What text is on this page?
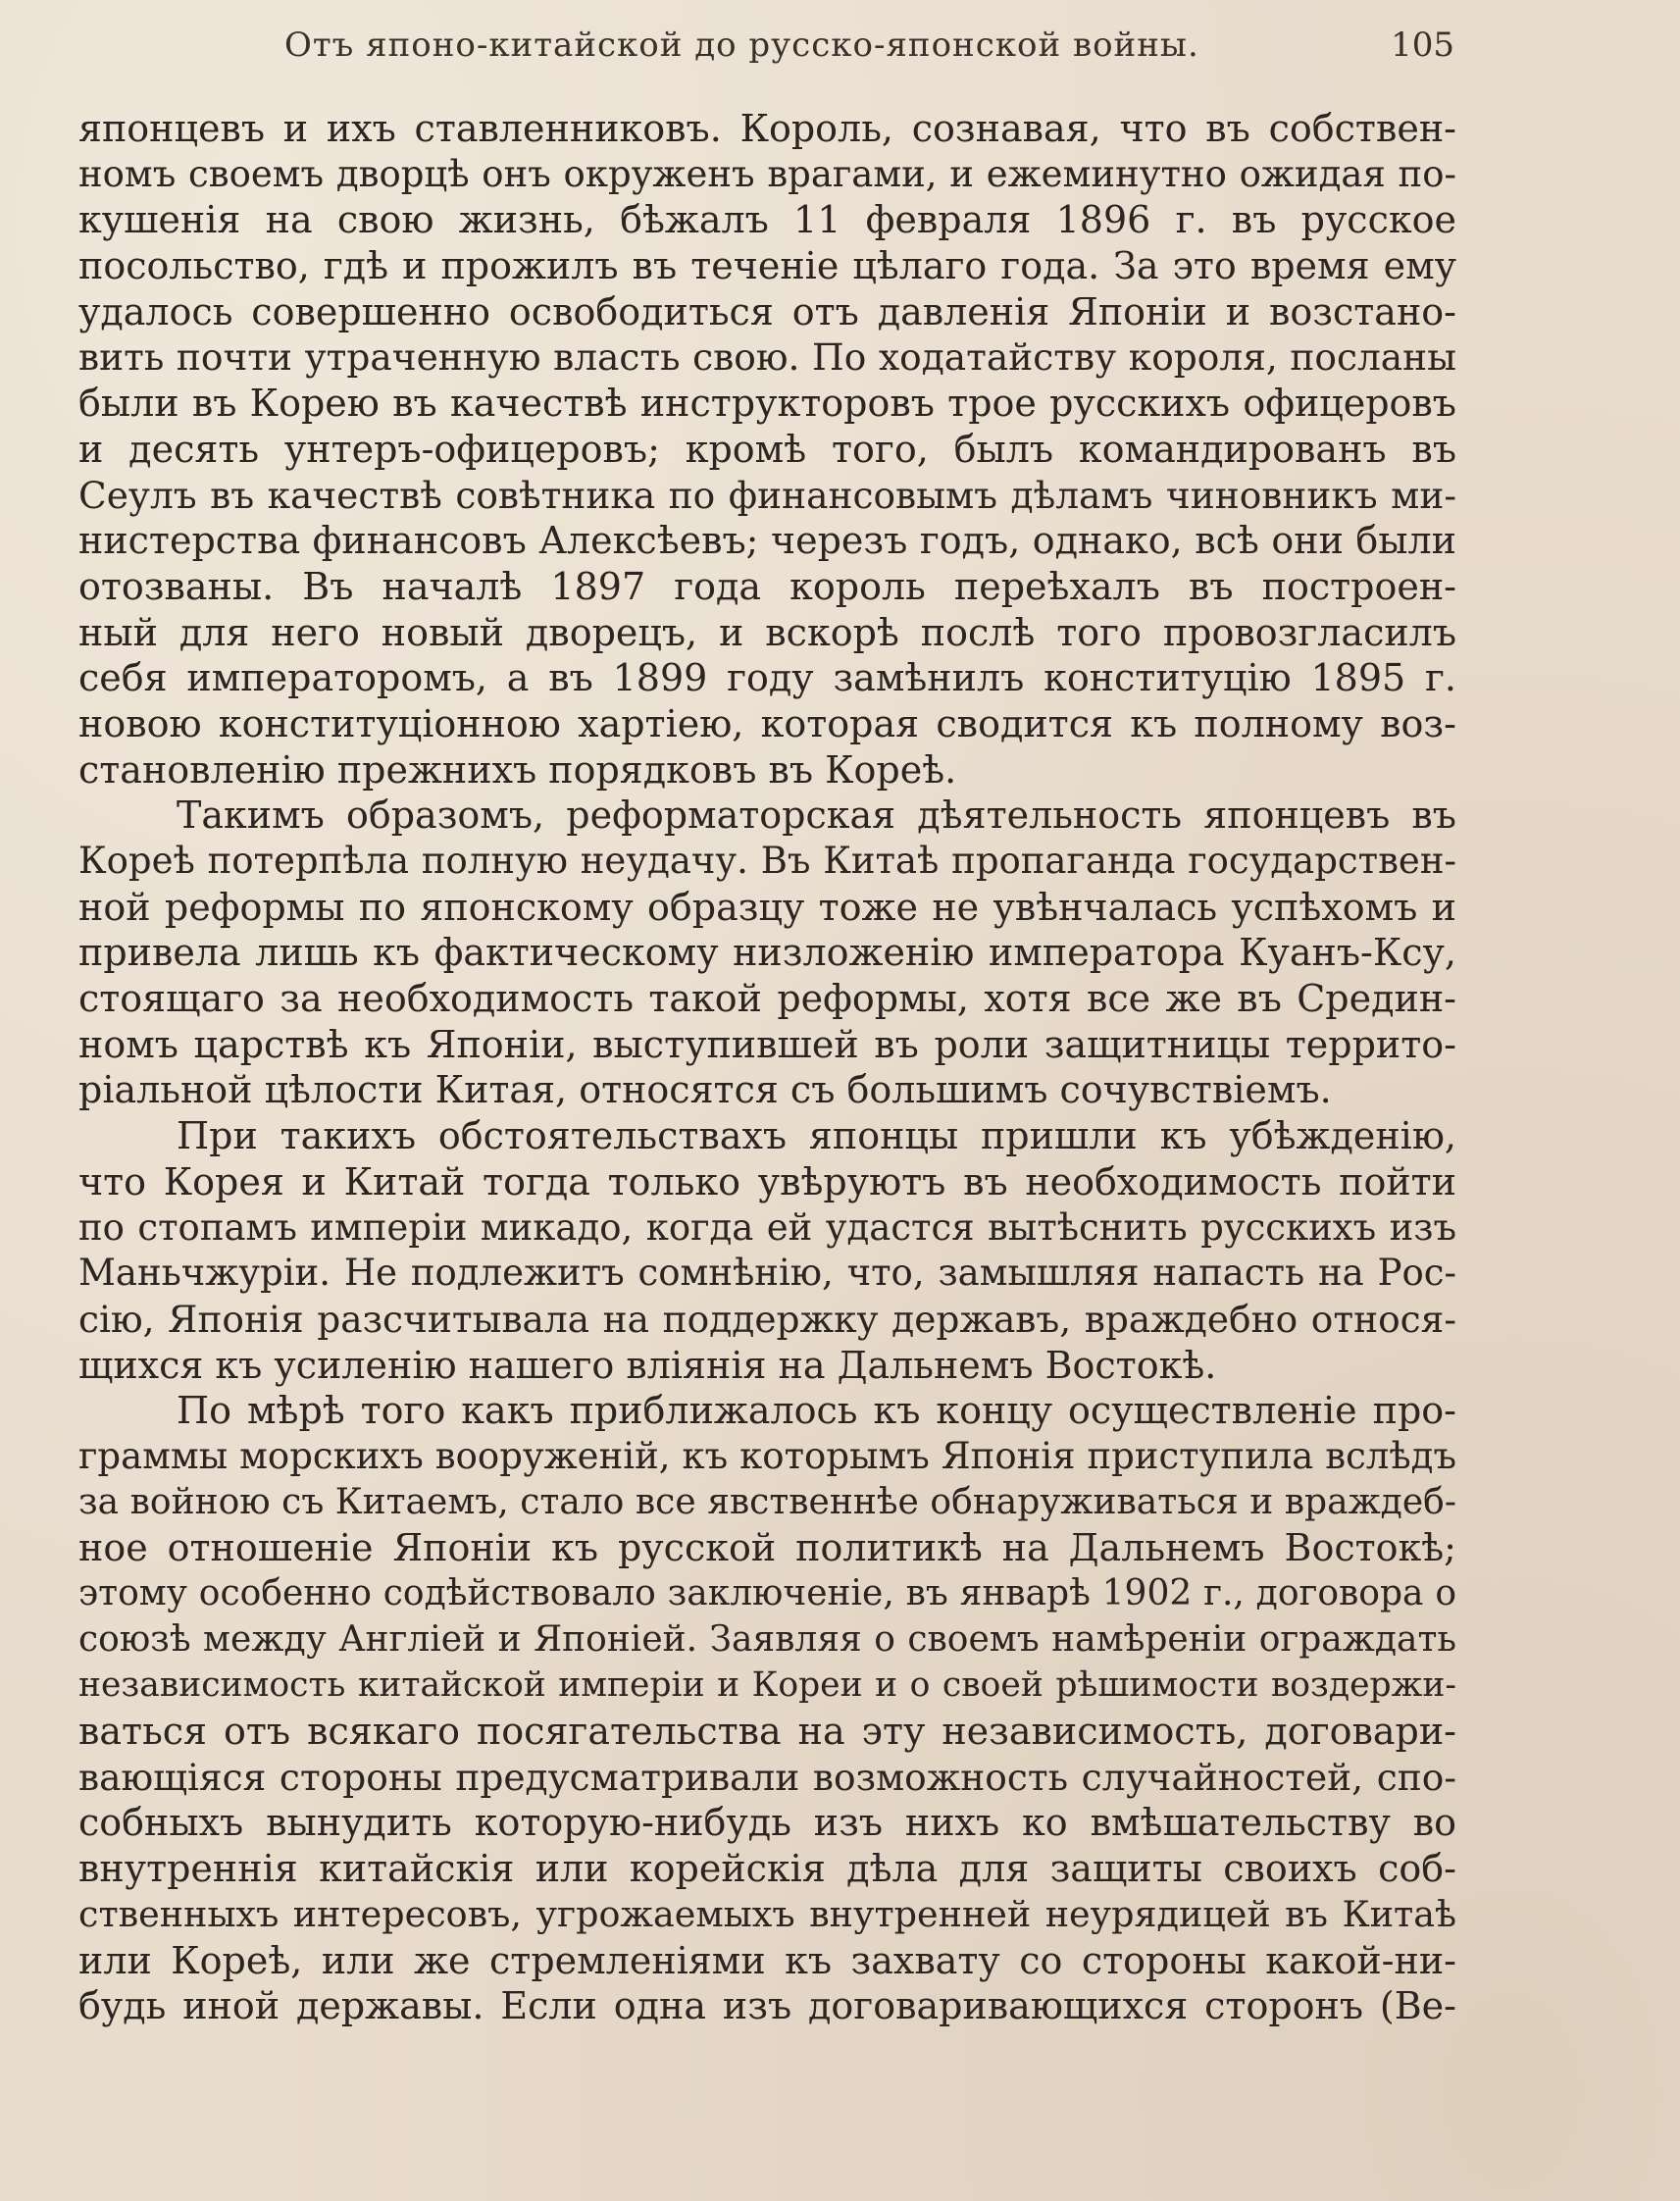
Отъ японо-китайской до русско-японской войны.	105
японцевъ и ихъ ставленниковъ. Король, сознавая, что въ собствен-
номъ своемъ дворцѣ онъ окруженъ врагами, и ежеминутно ожидая по-
кушенія на свою жизнь, бѣжалъ 11 февраля 1896 г. въ русское
посольство, гдѣ и прожилъ въ теченіе цѣлаго года. За это время ему
удалось совершенно освободиться отъ давленія Японіи и возстано-
вить почти утраченную власть свою. По ходатайству короля, посланы
были въ Корею въ качествѣ инструкторовъ трое русскихъ офицеровъ
и десять унтеръ-офицеровъ; кромѣ того, былъ командированъ въ
Сеулъ въ качествѣ совѣтника по финансовымъ дѣламъ чиновникъ ми-
нистерства финансовъ Алексѣевъ; черезъ годъ, однако, всѣ они были
отозваны. Въ началѣ 1897 года король переѣхалъ въ построен-
ный для него новый дворецъ, и вскорѣ послѣ того провозгласилъ
себя императоромъ, а въ 1899 году замѣнилъ конституцію 1895 г.
новою конституціонною хартіею, которая сводится къ полному воз-
становленію прежнихъ порядковъ въ Кореѣ.
Такимъ образомъ, реформаторская дѣятельность японцевъ въ
Кореѣ потерпѣла полную неудачу. Въ Китаѣ пропаганда государствен-
ной реформы по японскому образцу тоже не увѣнчалась успѣхомъ и
привела лишь къ фактическому низложенію императора Куанъ-Ксу,
стоящаго за необходимость такой реформы, хотя все же въ Средин-
номъ царствѣ къ Японіи, выступившей въ роли защитницы террито-
ріальной цѣлости Китая, относятся съ большимъ сочувствіемъ.
При такихъ обстоятельствахъ японцы пришли къ убѣжденію,
что Корея и Китай тогда только увѣруютъ въ необходимость пойти
по стопамъ имперіи микадо, когда ей удастся вытѣснить русскихъ изъ
Маньчжуріи. Не подлежитъ сомнѣнію, что, замышляя напасть на Рос-
сію, Японія разсчитывала на поддержку державъ, враждебно относя-
щихся къ усиленію нашего вліянія на Дальнемъ Востокѣ.
По мѣрѣ того какъ приближалось къ концу осуществленіе про-
граммы морскихъ вооруженій, къ которымъ Японія приступила вслѣдъ
за войною съ Китаемъ, стало все явственнѣе обнаруживаться и враждеб-
ное отношеніе Японіи къ русской политикѣ на Дальнемъ Востокѣ;
этому особенно содѣйствовало заключеніе, въ январѣ 1902 г., договора о
союзѣ между Англіей и Японіей. Заявляя о своемъ намѣреніи ограждать
независимость китайской имперіи и Кореи и о своей рѣшимости воздержи-
ваться отъ всякаго посягательства на эту независимость, договари-
вающіяся стороны предусматривали возможность случайностей, спо-
собныхъ вынудить которую-нибудь изъ нихъ ко вмѣшательству во
внутреннія китайскія или корейскія дѣла для защиты своихъ соб-
ственныхъ интересовъ, угрожаемыхъ внутренней неурядицей въ Китаѣ
или Кореѣ, или же стремленіями къ захвату со стороны какой-ни-
будь иной державы. Если одна изъ договаривающихся сторонъ (Ве-
